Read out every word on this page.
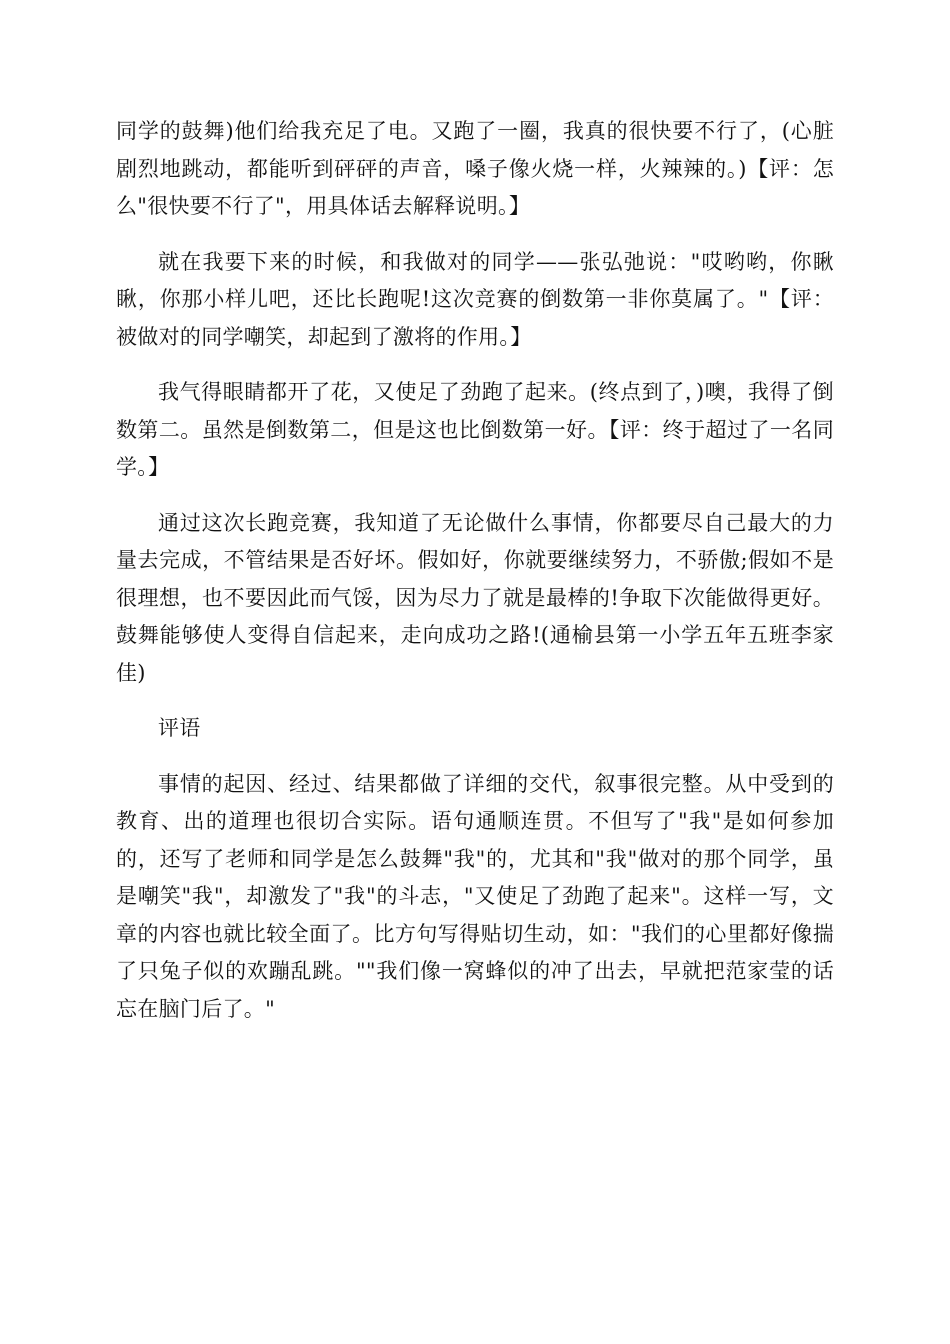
同学的鼓舞)他们给我充足了电。又跑了一圈，我真的很快要不行了，(心脏剧烈地跳动，都能听到砰砰的声音，嗓子像火烧一样，火辣辣的。)【评：怎么"很快要不行了"，用具体话去解释说明。】

就在我要下来的时候，和我做对的同学——张弘弛说："哎哟哟，你瞅瞅，你那小样儿吧，还比长跑呢!这次竞赛的倒数第一非你莫属了。"【评：被做对的同学嘲笑，却起到了激将的作用。】

我气得眼睛都开了花，又使足了劲跑了起来。(终点到了，)噢，我得了倒数第二。虽然是倒数第二，但是这也比倒数第一好。【评：终于超过了一名同学。】

通过这次长跑竞赛，我知道了无论做什么事情，你都要尽自己最大的力量去完成，不管结果是否好坏。假如好，你就要继续努力，不骄傲;假如不是很理想，也不要因此而气馁，因为尽力了就是最棒的!争取下次能做得更好。鼓舞能够使人变得自信起来，走向成功之路!(通榆县第一小学五年五班李家佳)

评语

事情的起因、经过、结果都做了详细的交代，叙事很完整。从中受到的教育、出的道理也很切合实际。语句通顺连贯。不但写了"我"是如何参加的，还写了老师和同学是怎么鼓舞"我"的，尤其和"我"做对的那个同学，虽是嘲笑"我"，却激发了"我"的斗志，"又使足了劲跑了起来"。这样一写，文章的内容也就比较全面了。比方句写得贴切生动，如："我们的心里都好像揣了只兔子似的欢蹦乱跳。""我们像一窝蜂似的冲了出去，早就把范家莹的话忘在脑门后了。"
